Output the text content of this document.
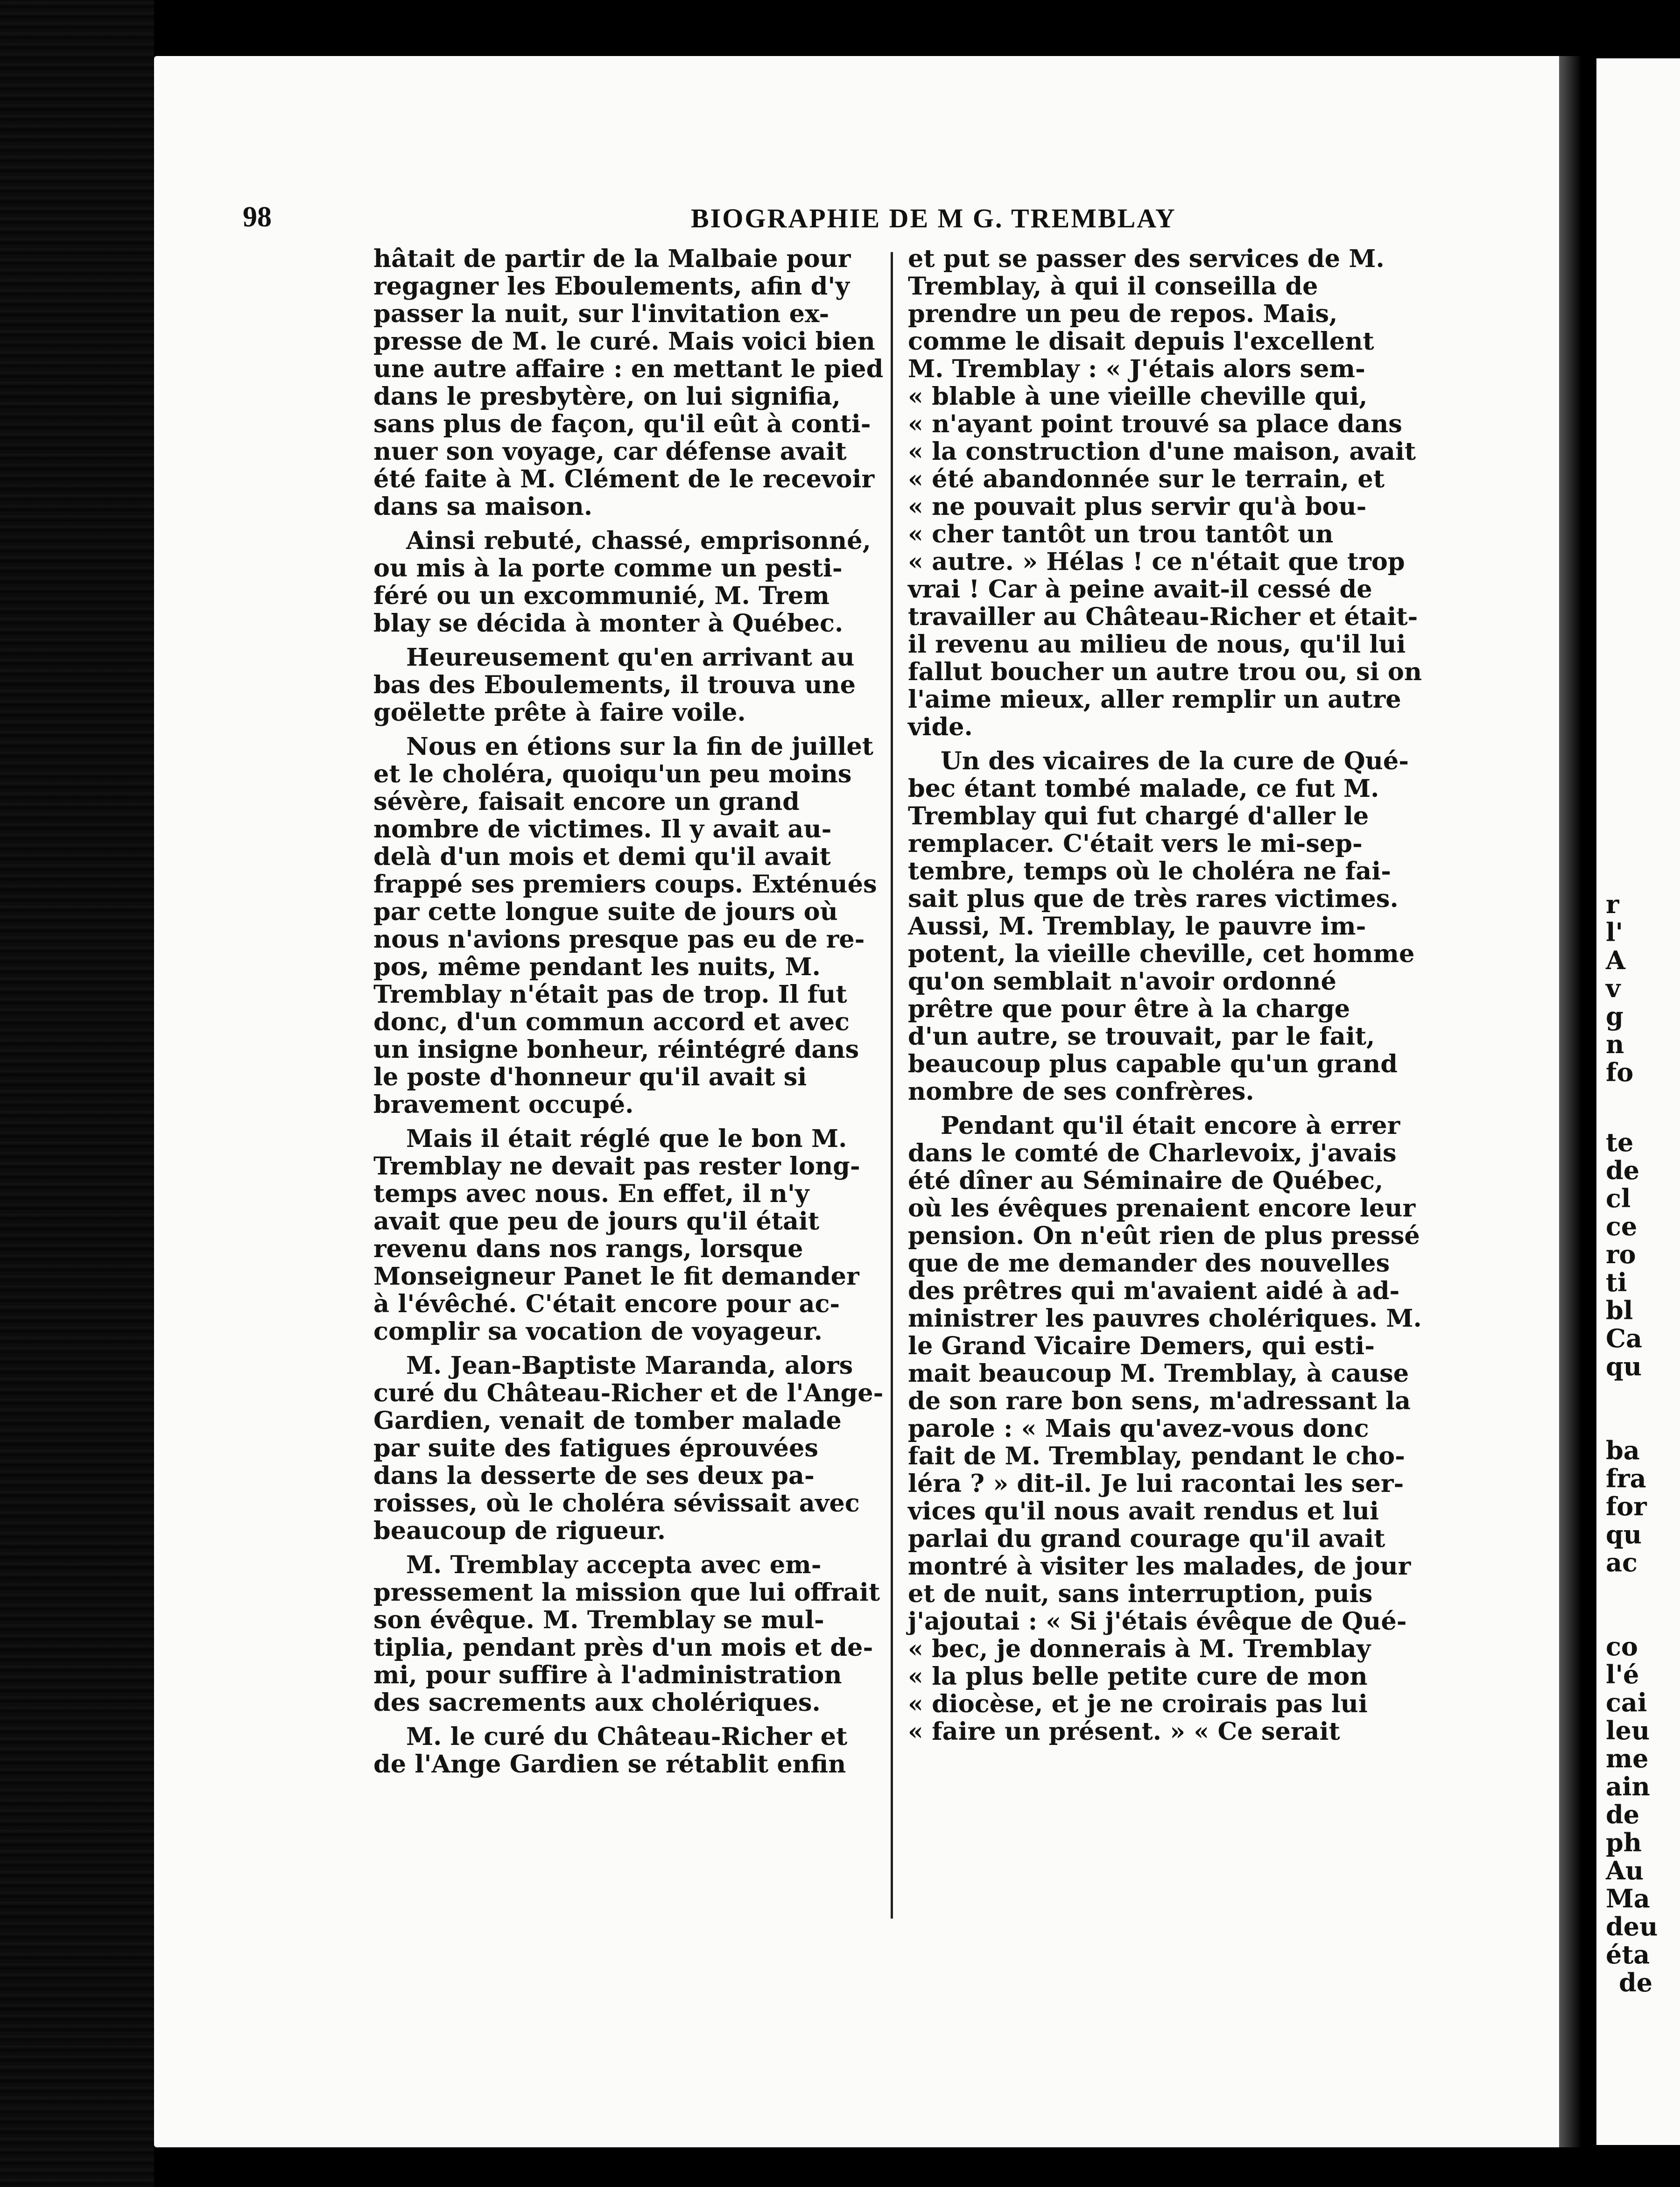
r
l'
A
v
g
n
fo
te
de
cl
ce
ro
ti
bl
Ca
qu
ba
fra
for
qu
ac
co
l'é
cai
leu
me
ain
de
ph
Au
Ma
deu
éta
de
98	BIOGRAPHIE DE M G. TREMBLAY

hâtait de partir de la Malbaie pour
regagner les Eboulements, afin d'y
passer la nuit, sur l'invitation ex-
presse de M. le curé. Mais voici bien
une autre affaire : en mettant le pied
dans le presbytère, on lui signifia,
sans plus de façon, qu'il eût à conti-
nuer son voyage, car défense avait
été faite à M. Clément de le recevoir
dans sa maison.

Ainsi rebuté, chassé, emprisonné,
ou mis à la porte comme un pesti-
féré ou un excommunié, M. Trem
blay se décida à monter à Québec.

Heureusement qu'en arrivant au
bas des Eboulements, il trouva une
goëlette prête à faire voile.

Nous en étions sur la fin de juillet
et le choléra, quoiqu'un peu moins
sévère, faisait encore un grand
nombre de victimes. Il y avait au-
delà d'un mois et demi qu'il avait
frappé ses premiers coups. Exténués
par cette longue suite de jours où
nous n'avions presque pas eu de re-
pos, même pendant les nuits, M.
Tremblay n'était pas de trop. Il fut
donc, d'un commun accord et avec
un insigne bonheur, réintégré dans
le poste d'honneur qu'il avait si
bravement occupé.

Mais il était réglé que le bon M.
Tremblay ne devait pas rester long-
temps avec nous. En effet, il n'y
avait que peu de jours qu'il était
revenu dans nos rangs, lorsque
Monseigneur Panet le fit demander
à l'évêché. C'était encore pour ac-
complir sa vocation de voyageur.

M. Jean-Baptiste Maranda, alors
curé du Château-Richer et de l'Ange-
Gardien, venait de tomber malade
par suite des fatigues éprouvées
dans la desserte de ses deux pa-
roisses, où le choléra sévissait avec
beaucoup de rigueur.

M. Tremblay accepta avec em-
pressement la mission que lui offrait
son évêque. M. Tremblay se mul-
tiplia, pendant près d'un mois et de-
mi, pour suffire à l'administration
des sacrements aux cholériques.

M. le curé du Château-Richer et
de l'Ange Gardien se rétablit enfin

et put se passer des services de M.
Tremblay, à qui il conseilla de
prendre un peu de repos. Mais,
comme le disait depuis l'excellent
M. Tremblay : « J'étais alors sem-
« blable à une vieille cheville qui,
« n'ayant point trouvé sa place dans
« la construction d'une maison, avait
« été abandonnée sur le terrain, et
« ne pouvait plus servir qu'à bou-
« cher tantôt un trou tantôt un
« autre. » Hélas ! ce n'était que trop
vrai ! Car à peine avait-il cessé de
travailler au Château-Richer et était-
il revenu au milieu de nous, qu'il lui
fallut boucher un autre trou ou, si on
l'aime mieux, aller remplir un autre
vide.

Un des vicaires de la cure de Qué-
bec étant tombé malade, ce fut M.
Tremblay qui fut chargé d'aller le
remplacer. C'était vers le mi-sep-
tembre, temps où le choléra ne fai-
sait plus que de très rares victimes.
Aussi, M. Tremblay, le pauvre im-
potent, la vieille cheville, cet homme
qu'on semblait n'avoir ordonné
prêtre que pour être à la charge
d'un autre, se trouvait, par le fait,
beaucoup plus capable qu'un grand
nombre de ses confrères.

Pendant qu'il était encore à errer
dans le comté de Charlevoix, j'avais
été dîner au Séminaire de Québec,
où les évêques prenaient encore leur
pension. On n'eût rien de plus pressé
que de me demander des nouvelles
des prêtres qui m'avaient aidé à ad-
ministrer les pauvres cholériques. M.
le Grand Vicaire Demers, qui esti-
mait beaucoup M. Tremblay, à cause
de son rare bon sens, m'adressant la
parole : « Mais qu'avez-vous donc
fait de M. Tremblay, pendant le cho-
léra ? » dit-il. Je lui racontai les ser-
vices qu'il nous avait rendus et lui
parlai du grand courage qu'il avait
montré à visiter les malades, de jour
et de nuit, sans interruption, puis
j'ajoutai : « Si j'étais évêque de Qué-
« bec, je donnerais à M. Tremblay
« la plus belle petite cure de mon
« diocèse, et je ne croirais pas lui
« faire un présent. » « Ce serait
